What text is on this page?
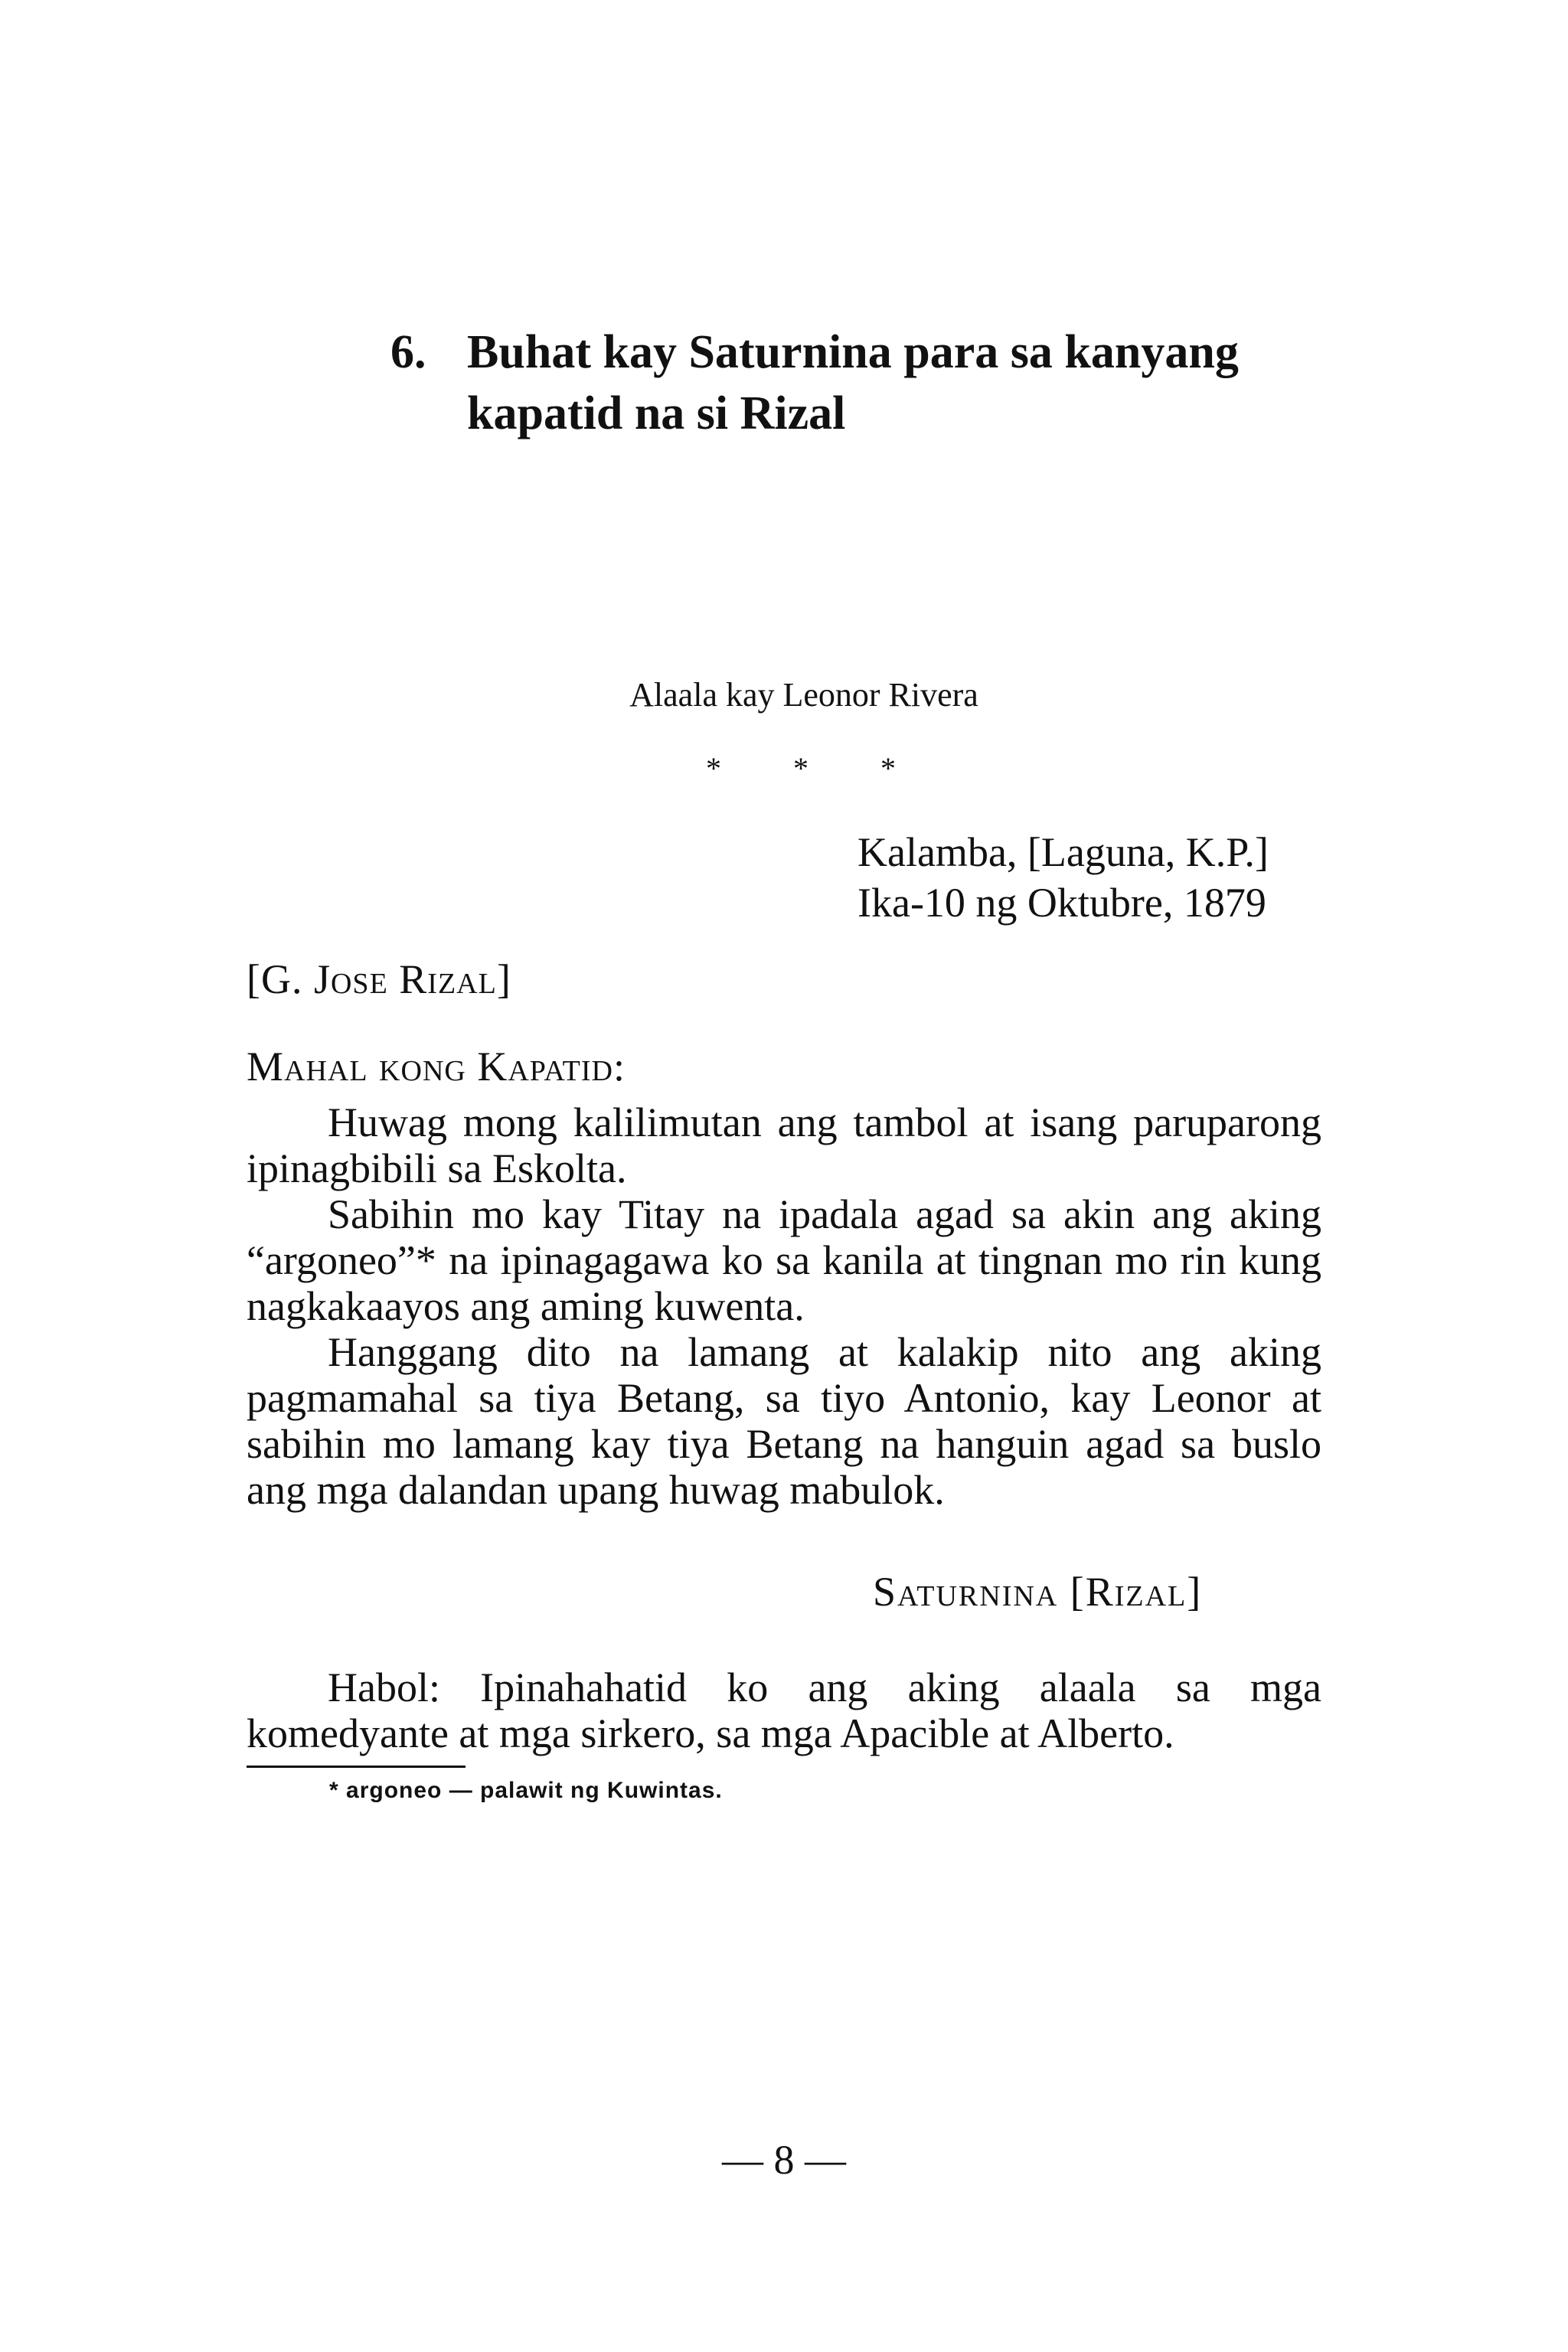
6. Buhat kay Saturnina para sa kanyang
kapatid na si Rizal
Alaala kay Leonor Rivera
* * *
Kalamba, [Laguna, K.P.]
Ika-10 ng Oktubre, 1879
[G. Jose Rizal]
Mahal kong Kapatid:

Huwag mong kalilimutan ang tambol at isang paruparong ipinagbibili sa Eskolta.

Sabihin mo kay Titay na ipadala agad sa akin ang aking “argoneo”* na ipinagagawa ko sa kanila at tingnan mo rin kung nagkakaayos ang aming kuwenta.

Hanggang dito na lamang at kalakip nito ang aking pagmamahal sa tiya Betang, sa tiyo Antonio, kay Leonor at sabihin mo lamang kay tiya Betang na hanguin agad sa buslo ang mga dalandan upang huwag mabulok.

Saturnina [Rizal]

Habol: Ipinahahatid ko ang aking alaala sa mga komedyante at mga sirkero, sa mga Apacible at Alberto.

* argoneo — palawit ng Kuwintas.
— 8 —
